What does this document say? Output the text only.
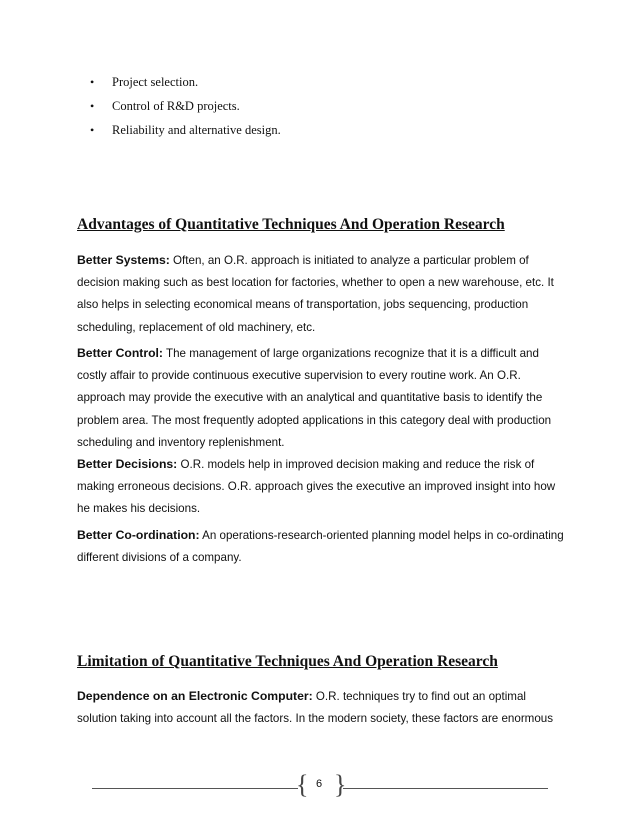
• Project selection.
• Control of R&D projects.
• Reliability and alternative design.
Advantages of Quantitative Techniques And Operation Research

Better Systems: Often, an O.R. approach is initiated to analyze a particular problem of decision making such as best location for factories, whether to open a new warehouse, etc. It also helps in selecting economical means of transportation, jobs sequencing, production scheduling, replacement of old machinery, etc.

Better Control: The management of large organizations recognize that it is a difficult and costly affair to provide continuous executive supervision to every routine work. An O.R. approach may provide the executive with an analytical and quantitative basis to identify the problem area. The most frequently adopted applications in this category deal with production scheduling and inventory replenishment.

Better Decisions: O.R. models help in improved decision making and reduce the risk of making erroneous decisions. O.R. approach gives the executive an improved insight into how he makes his decisions.

Better Co-ordination: An operations-research-oriented planning model helps in co-ordinating different divisions of a company.

Limitation of Quantitative Techniques And Operation Research

Dependence on an Electronic Computer: O.R. techniques try to find out an optimal solution taking into account all the factors. In the modern society, these factors are enormous

{ }
6
